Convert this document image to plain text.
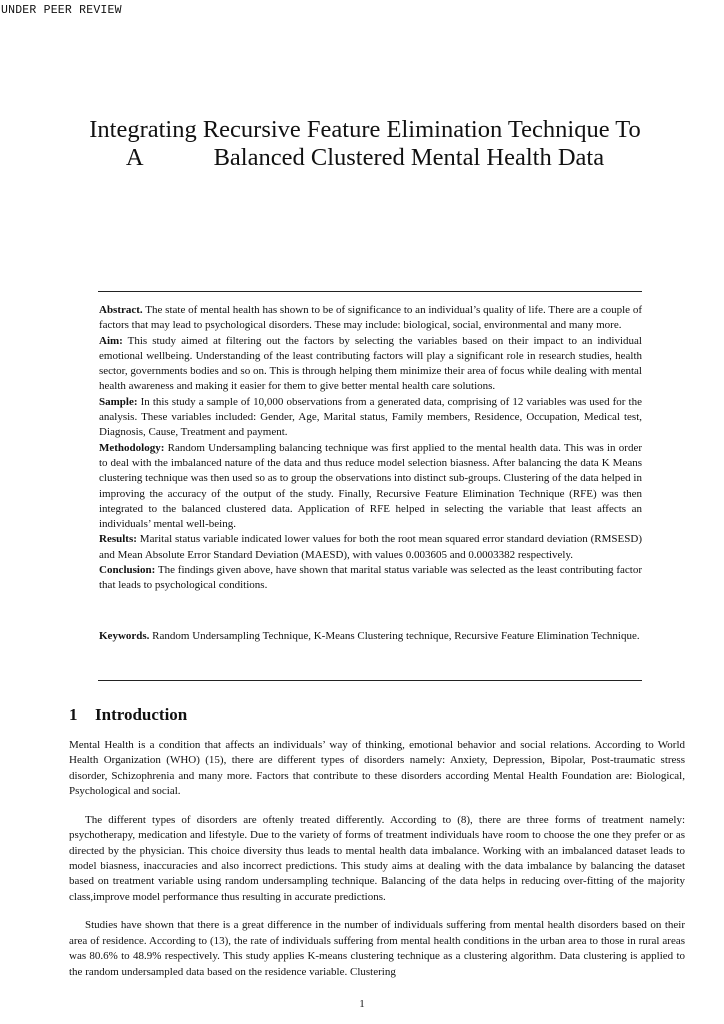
UNDER PEER REVIEW
Integrating Recursive Feature Elimination Technique To
A	Balanced Clustered Mental Health Data

Abstract. The state of mental health has shown to be of significance to an individual’s quality of life. There are a couple of factors that may lead to psychological disorders. These may include: biological, social, environmental and many more.

Aim: This study aimed at filtering out the factors by selecting the variables based on their impact to an individual emotional wellbeing. Understanding of the least contributing factors will play a significant role in research studies, health sector, governments bodies and so on. This is through helping them minimize their area of focus while dealing with mental health awareness and making it easier for them to give better mental health care solutions.

Sample: In this study a sample of 10,000 observations from a generated data, comprising of 12 variables was used for the analysis. These variables included: Gender, Age, Marital status, Family members, Residence, Occupation, Medical test, Diagnosis, Cause, Treatment and payment.

Methodology: Random Undersampling balancing technique was first applied to the mental health data. This was in order to deal with the imbalanced nature of the data and thus reduce model selection biasness. After balancing the data K Means clustering technique was then used so as to group the observations into distinct sub-groups. Clustering of the data helped in improving the accuracy of the output of the study. Finally, Recursive Feature Elimination Technique (RFE) was then integrated to the balanced clustered data. Application of RFE helped in selecting the variable that least affects an individuals’ mental well-being.

Results: Marital status variable indicated lower values for both the root mean squared error standard deviation (RMSESD) and Mean Absolute Error Standard Deviation (MAESD), with values 0.003605 and 0.0003382 respectively.

Conclusion: The findings given above, have shown that marital status variable was selected as the least contributing factor that leads to psychological conditions.

Keywords. Random Undersampling Technique, K-Means Clustering technique, Recursive Feature Elimination Technique.

1 Introduction

Mental Health is a condition that affects an individuals’ way of thinking, emotional behavior and social relations. According to World Health Organization (WHO) (15), there are different types of disorders namely: Anxiety, Depression, Bipolar, Post-traumatic stress disorder, Schizophrenia and many more. Factors that contribute to these disorders according Mental Health Foundation are: Biological, Psychological and social.

The different types of disorders are oftenly treated differently. According to (8), there are three forms of treatment namely: psychotherapy, medication and lifestyle. Due to the variety of forms of treatment individuals have room to choose the one they prefer or as directed by the physician. This choice diversity thus leads to mental health data imbalance. Working with an imbalanced dataset leads to model biasness, inaccuracies and also incorrect predictions. This study aims at dealing with the data imbalance by balancing the dataset based on treatment variable using random undersampling technique. Balancing of the data helps in reducing over-fitting of the majority class,improve model performance thus resulting in accurate predictions.

Studies have shown that there is a great difference in the number of individuals suffering from mental health disorders based on their area of residence. According to (13), the rate of individuals suffering from mental health conditions in the urban area to those in rural areas was 80.6% to 48.9% respectively. This study applies K-means clustering technique as a clustering algorithm. Data clustering is applied to the random undersampled data based on the residence variable. Clustering

1
